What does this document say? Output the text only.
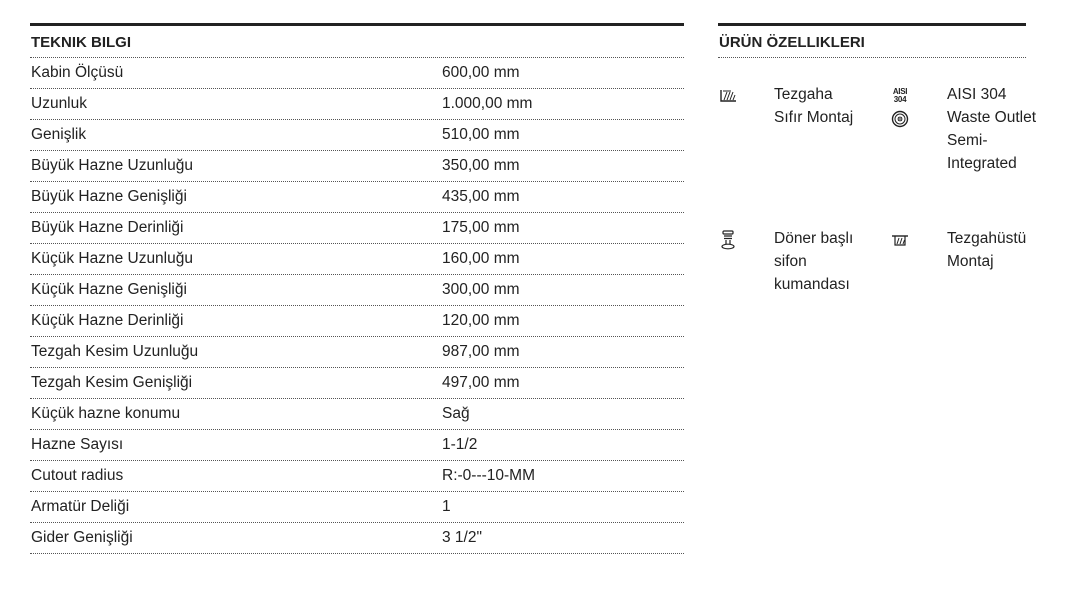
TEKNIK BILGI
Kabin Ölçüsü	600,00 mm
Uzunluk	1.000,00 mm
Genişlik	510,00 mm
Büyük Hazne Uzunluğu	350,00 mm
Büyük Hazne Genişliği	435,00 mm
Büyük Hazne Derinliği	175,00 mm
Küçük Hazne Uzunluğu	160,00 mm
Küçük Hazne Genişliği	300,00 mm
Küçük Hazne Derinliği	120,00 mm
Tezgah Kesim Uzunluğu	987,00 mm
Tezgah Kesim Genişliği	497,00 mm
Küçük hazne konumu	Sağ
Hazne Sayısı	1-1/2
Cutout radius	R:-0---10-MM
Armatür Deliği	1
Gider Genişliği	3 1/2"
ÜRÜN ÖZELLIKLERI
Tezgaha Sıfır Montaj
AISI
304	AISI 304
Waste Outlet Semi-Integrated
Döner başlı sifon kumandası
Tezgahüstü Montaj
